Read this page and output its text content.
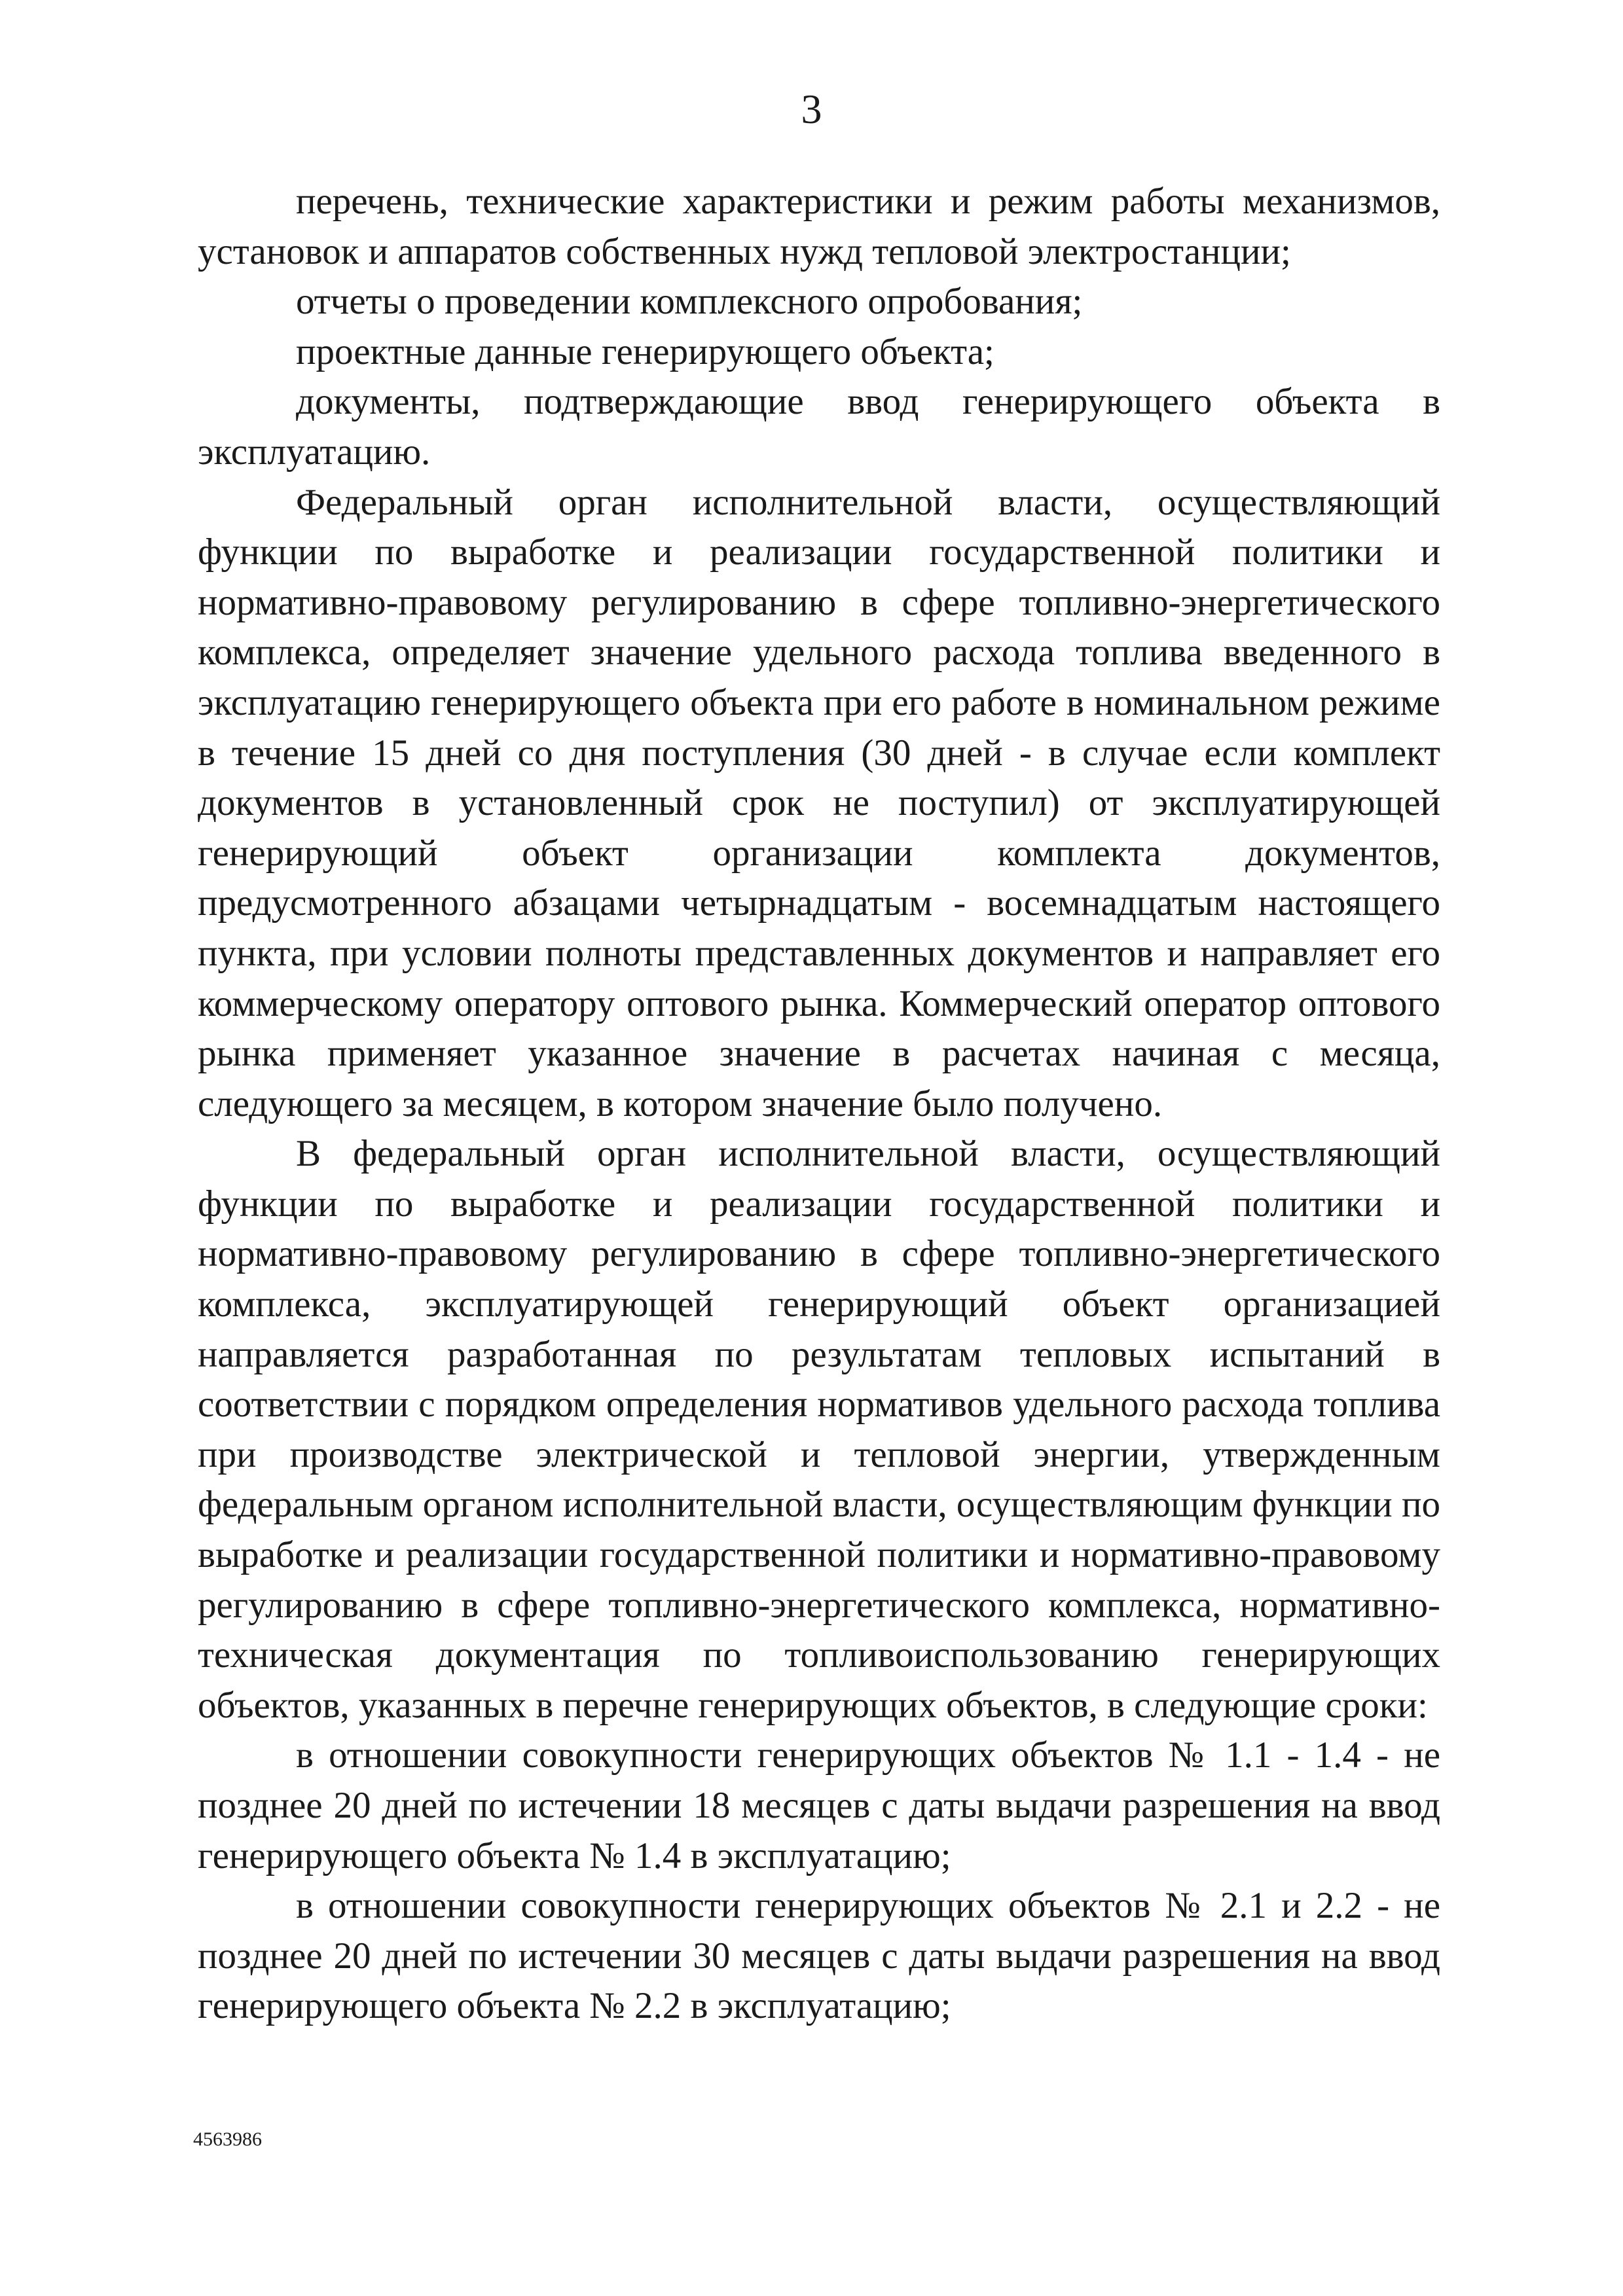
3

перечень, технические характеристики и режим работы механизмов, установок и аппаратов собственных нужд тепловой электростанции;

отчеты о проведении комплексного опробования;

проектные данные генерирующего объекта;

документы, подтверждающие ввод генерирующего объекта в эксплуатацию.

Федеральный орган исполнительной власти, осуществляющий функции по выработке и реализации государственной политики и нормативно-правовому регулированию в сфере топливно-энергетического комплекса, определяет значение удельного расхода топлива введенного в эксплуатацию генерирующего объекта при его работе в номинальном режиме в течение 15 дней со дня поступления (30 дней - в случае если комплект документов в установленный срок не поступил) от эксплуатирующей генерирующий объект организации комплекта документов, предусмотренного абзацами четырнадцатым - восемнадцатым настоящего пункта, при условии полноты представленных документов и направляет его коммерческому оператору оптового рынка. Коммерческий оператор оптового рынка применяет указанное значение в расчетах начиная с месяца, следующего за месяцем, в котором значение было получено.

В федеральный орган исполнительной власти, осуществляющий функции по выработке и реализации государственной политики и нормативно-правовому регулированию в сфере топливно-энергетического комплекса, эксплуатирующей генерирующий объект организацией направляется разработанная по результатам тепловых испытаний в соответствии с порядком определения нормативов удельного расхода топлива при производстве электрической и тепловой энергии, утвержденным федеральным органом исполнительной власти, осуществляющим функции по выработке и реализации государственной политики и нормативно-правовому регулированию в сфере топливно-энергетического комплекса, нормативно-техническая документация по топливоиспользованию генерирующих объектов, указанных в перечне генерирующих объектов, в следующие сроки:

в отношении совокупности генерирующих объектов № 1.1 - 1.4 - не позднее 20 дней по истечении 18 месяцев с даты выдачи разрешения на ввод генерирующего объекта № 1.4 в эксплуатацию;

в отношении совокупности генерирующих объектов № 2.1 и 2.2 - не позднее 20 дней по истечении 30 месяцев с даты выдачи разрешения на ввод генерирующего объекта № 2.2 в эксплуатацию;

4563986
